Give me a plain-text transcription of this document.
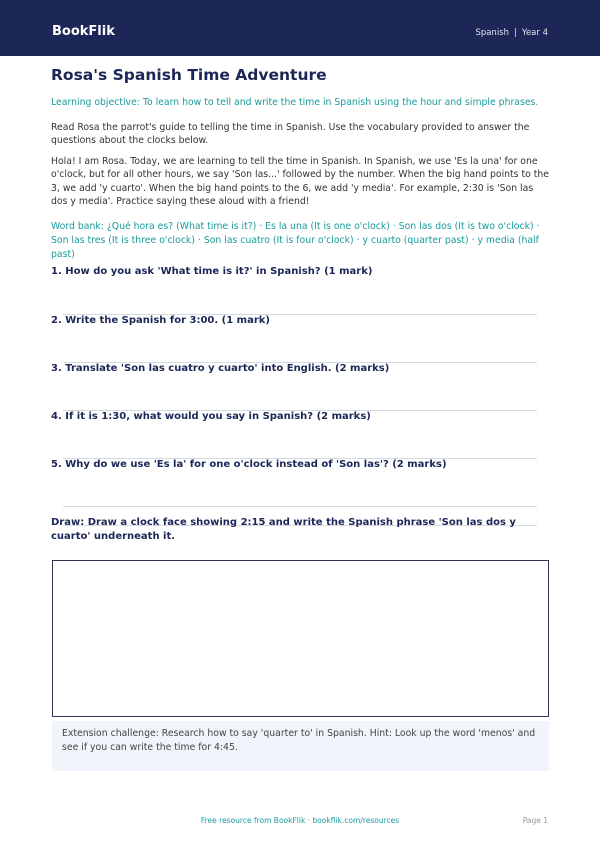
BookFlik	Spanish | Year 4
Rosa's Spanish Time Adventure

Learning objective: To learn how to tell and write the time in Spanish using the hour and simple phrases.

Read Rosa the parrot's guide to telling the time in Spanish. Use the vocabulary provided to answer the questions about the clocks below.

Hola! I am Rosa. Today, we are learning to tell the time in Spanish. In Spanish, we use 'Es la una' for one o'clock, but for all other hours, we say 'Son las...' followed by the number. When the big hand points to the 3, we add 'y cuarto'. When the big hand points to the 6, we add 'y media'. For example, 2:30 is 'Son las dos y media'. Practice saying these aloud with a friend!

Word bank: ¿Qué hora es? (What time is it?) · Es la una (It is one o'clock) · Son las dos (It is two o'clock) · Son las tres (It is three o'clock) · Son las cuatro (It is four o'clock) · y cuarto (quarter past) · y media (half past)

1. How do you ask 'What time is it?' in Spanish? (1 mark)

2. Write the Spanish for 3:00. (1 mark)

3. Translate 'Son las cuatro y cuarto' into English. (2 marks)

4. If it is 1:30, what would you say in Spanish? (2 marks)

5. Why do we use 'Es la' for one o'clock instead of 'Son las'? (2 marks)

Draw: Draw a clock face showing 2:15 and write the Spanish phrase 'Son las dos y cuarto' underneath it.

Extension challenge: Research how to say 'quarter to' in Spanish. Hint: Look up the word 'menos' and see if you can write the time for 4:45.
Free resource from BookFlik · bookflik.com/resources	Page 1
